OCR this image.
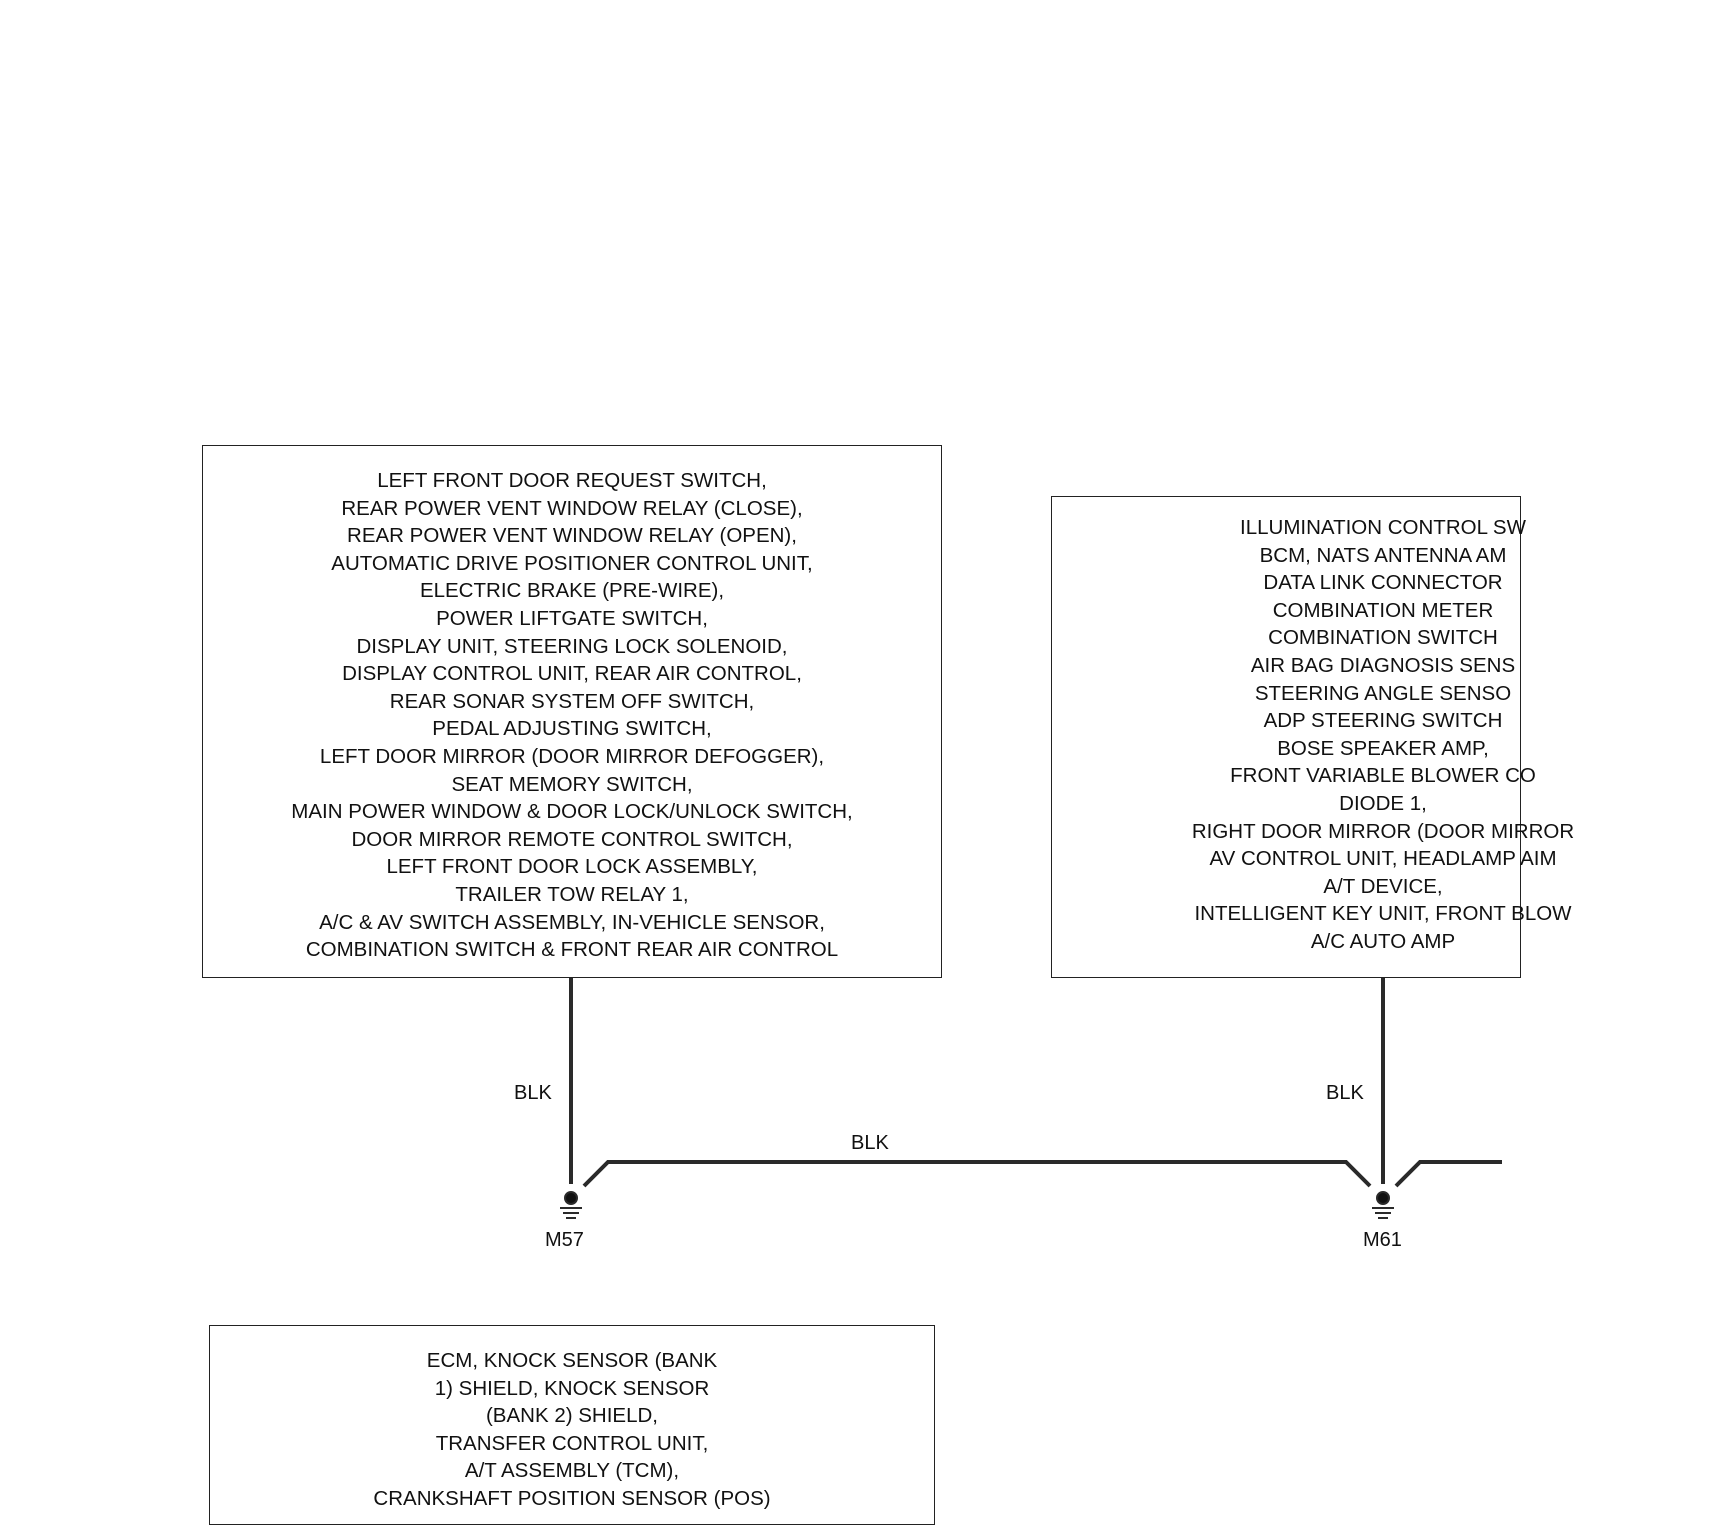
LEFT FRONT DOOR REQUEST SWITCH,
REAR POWER VENT WINDOW RELAY (CLOSE),
REAR POWER VENT WINDOW RELAY (OPEN),
AUTOMATIC DRIVE POSITIONER CONTROL UNIT,
ELECTRIC BRAKE (PRE-WIRE),
POWER LIFTGATE SWITCH,
DISPLAY UNIT, STEERING LOCK SOLENOID,
DISPLAY CONTROL UNIT, REAR AIR CONTROL,
REAR SONAR SYSTEM OFF SWITCH,
PEDAL ADJUSTING SWITCH,
LEFT DOOR MIRROR (DOOR MIRROR DEFOGGER),
SEAT MEMORY SWITCH,
MAIN POWER WINDOW & DOOR LOCK/UNLOCK SWITCH,
DOOR MIRROR REMOTE CONTROL SWITCH,
LEFT FRONT DOOR LOCK ASSEMBLY,
TRAILER TOW RELAY 1,
A/C & AV SWITCH ASSEMBLY, IN-VEHICLE SENSOR,
COMBINATION SWITCH & FRONT REAR AIR CONTROL
ILLUMINATION CONTROL SW
BCM, NATS ANTENNA AM
DATA LINK CONNECTOR
COMBINATION METER
COMBINATION SWITCH
AIR BAG DIAGNOSIS SENS
STEERING ANGLE SENSO
ADP STEERING SWITCH
BOSE SPEAKER AMP,
FRONT VARIABLE BLOWER CO
DIODE 1,
RIGHT DOOR MIRROR (DOOR MIRROR
AV CONTROL UNIT, HEADLAMP AIM
A/T DEVICE,
INTELLIGENT KEY UNIT, FRONT BLOW
A/C AUTO AMP
ECM, KNOCK SENSOR (BANK
1) SHIELD, KNOCK SENSOR
(BANK 2) SHIELD,
TRANSFER CONTROL UNIT,
A/T ASSEMBLY (TCM),
CRANKSHAFT POSITION SENSOR (POS)
BLK	BLK
BLK
M57	M61
